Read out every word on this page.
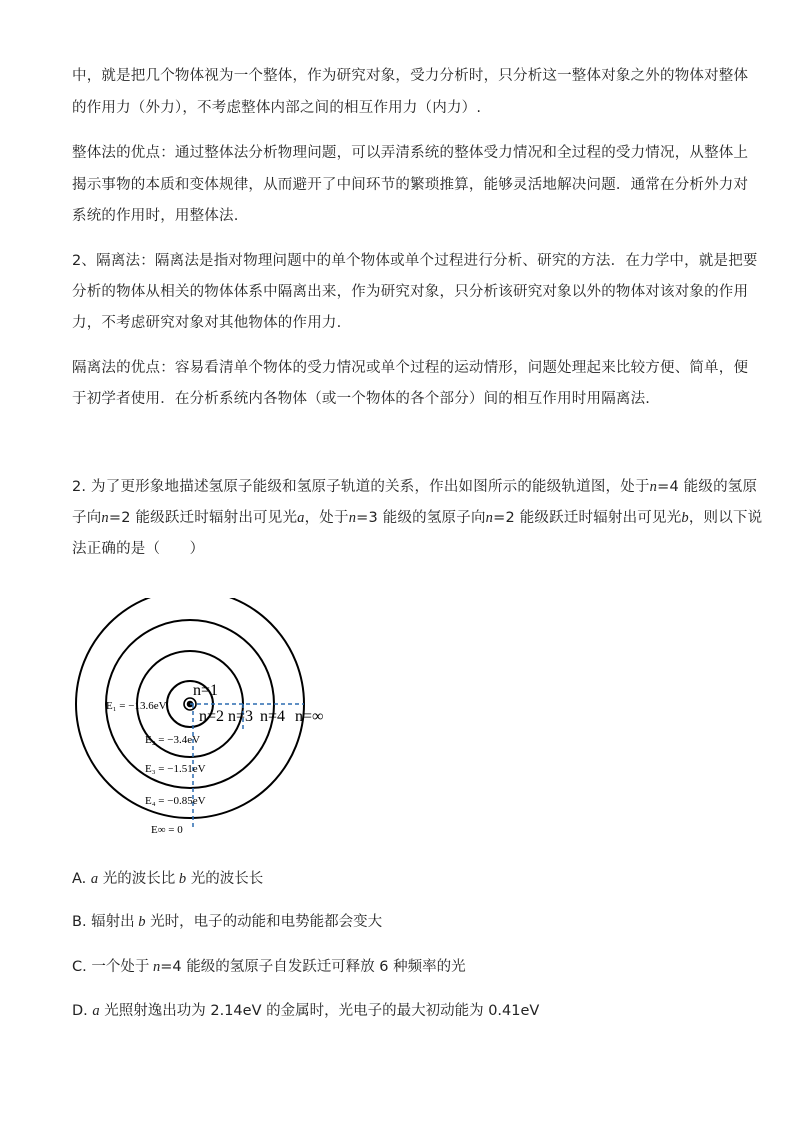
中，就是把几个物体视为一个整体，作为研究对象，受力分析时，只分析这一整体对象之外的物体对整体
的作用力（外力），不考虑整体内部之间的相互作用力（内力）.
整体法的优点：通过整体法分析物理问题，可以弄清系统的整体受力情况和全过程的受力情况，从整体上
揭示事物的本质和变体规律，从而避开了中间环节的繁琐推算，能够灵活地解决问题．通常在分析外力对
系统的作用时，用整体法.
2、隔离法：隔离法是指对物理问题中的单个物体或单个过程进行分析、研究的方法．在力学中，就是把要
分析的物体从相关的物体体系中隔离出来，作为研究对象，只分析该研究对象以外的物体对该对象的作用
力，不考虑研究对象对其他物体的作用力.
隔离法的优点：容易看清单个物体的受力情况或单个过程的运动情形，问题处理起来比较方便、简单，便
于初学者使用．在分析系统内各物体（或一个物体的各个部分）间的相互作用时用隔离法.
2. 为了更形象地描述氢原子能级和氢原子轨道的关系，作出如图所示的能级轨道图，处于n=4 能级的氢原
子向n=2 能级跃迁时辐射出可见光a，处于n=3 能级的氢原子向n=2 能级跃迁时辐射出可见光b，则以下说
法正确的是（　　）
n=1
n=2 n=3 n=4 n=∞
E₁ = −13.6eV
E₂ = −3.4eV
E₃ = −1.51eV
E₄ = −0.85eV
E∞ = 0
A. a 光的波长比 b 光的波长长
B. 辐射出 b 光时，电子的动能和电势能都会变大
C. 一个处于 n=4 能级的氢原子自发跃迁可释放 6 种频率的光
D. a 光照射逸出功为 2.14eV 的金属时，光电子的最大初动能为 0.41eV
